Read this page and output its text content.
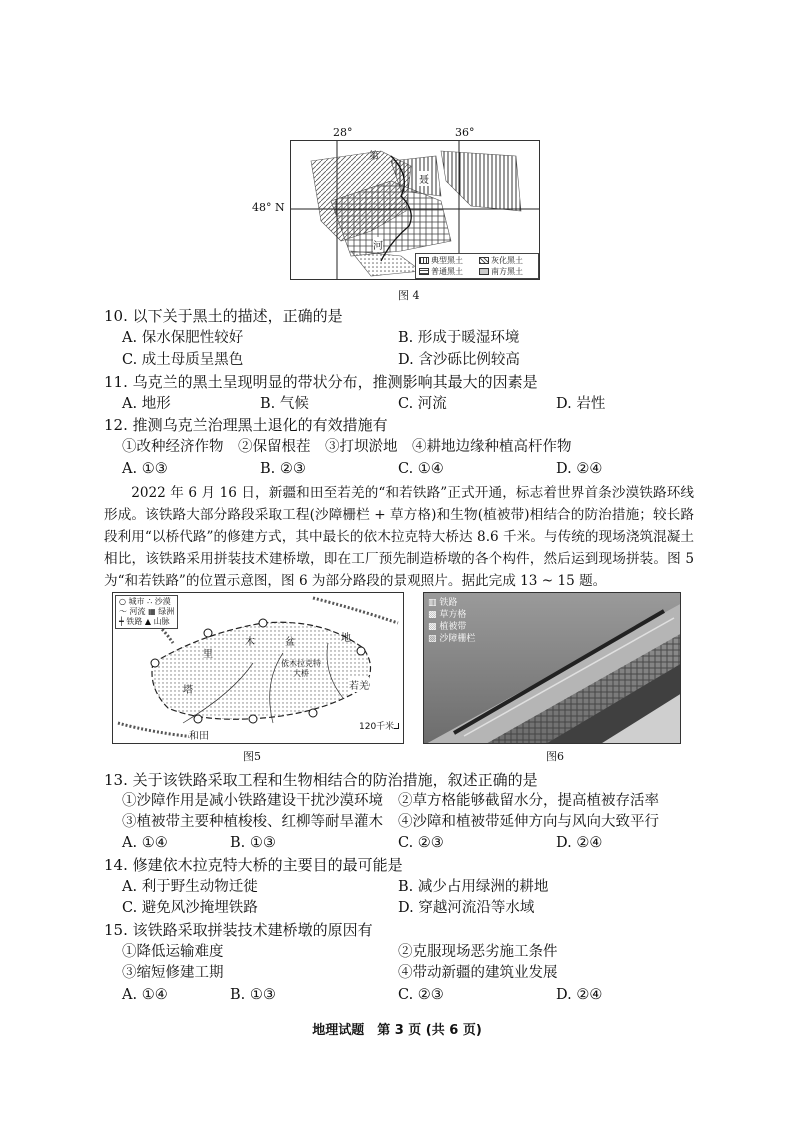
28°	36°
48° N
第
聂
河
典型黑土	灰化黑土
普通黑土	南方黑土
图 4
10. 以下关于黑土的描述，正确的是
A. 保水保肥性较好	B. 形成于暖湿环境
C. 成土母质呈黑色	D. 含沙砾比例较高
11. 乌克兰的黑土呈现明显的带状分布，推测影响其最大的因素是
A. 地形	B. 气候	C. 河流	D. 岩性
12. 推测乌克兰治理黑土退化的有效措施有
①改种经济作物　②保留根茬　③打坝淤地　④耕地边缘种植高杆作物
A. ①③	B. ②③	C. ①④	D. ②④
2022 年 6 月 16 日，新疆和田至若羌的“和若铁路”正式开通，标志着世界首条沙漠铁路环线形成。该铁路大部分路段采取工程(沙障栅栏 + 草方格)和生物(植被带)相结合的防治措施；较长路段利用“以桥代路”的修建方式，其中最长的依木拉克特大桥达 8.6 千米。与传统的现场浇筑混凝土相比，该铁路采用拼装技术建桥墩，即在工厂预先制造桥墩的各个构件，然后运到现场拼装。图 5 为“和若铁路”的位置示意图，图 6 为部分路段的景观照片。据此完成 13 ~ 15 题。
○ 城市 ∴ 沙漠
～ 河流 ▦ 绿洲
┿ 铁路 ▲ 山脉
木	盆	地
里
塔
依木拉克特大桥
和田
若羌
120千米
图5
▥ 铁路
▩ 草方格
▩ 植被带
▧ 沙障栅栏
图6
13. 关于该铁路采取工程和生物相结合的防治措施，叙述正确的是
①沙障作用是减小铁路建设干扰沙漠环境 ②草方格能够截留水分，提高植被存活率
③植被带主要种植梭梭、红柳等耐旱灌木 ④沙障和植被带延伸方向与风向大致平行
A. ①④	B. ①③	C. ②③	D. ②④
14. 修建依木拉克特大桥的主要目的最可能是
A. 利于野生动物迁徙	B. 减少占用绿洲的耕地
C. 避免风沙掩埋铁路	D. 穿越河流沿等水域
15. 该铁路采取拼装技术建桥墩的原因有
①降低运输难度	②克服现场恶劣施工条件
③缩短修建工期	④带动新疆的建筑业发展
A. ①④	B. ①③	C. ②③	D. ②④
地理试题　第 3 页 (共 6 页)
